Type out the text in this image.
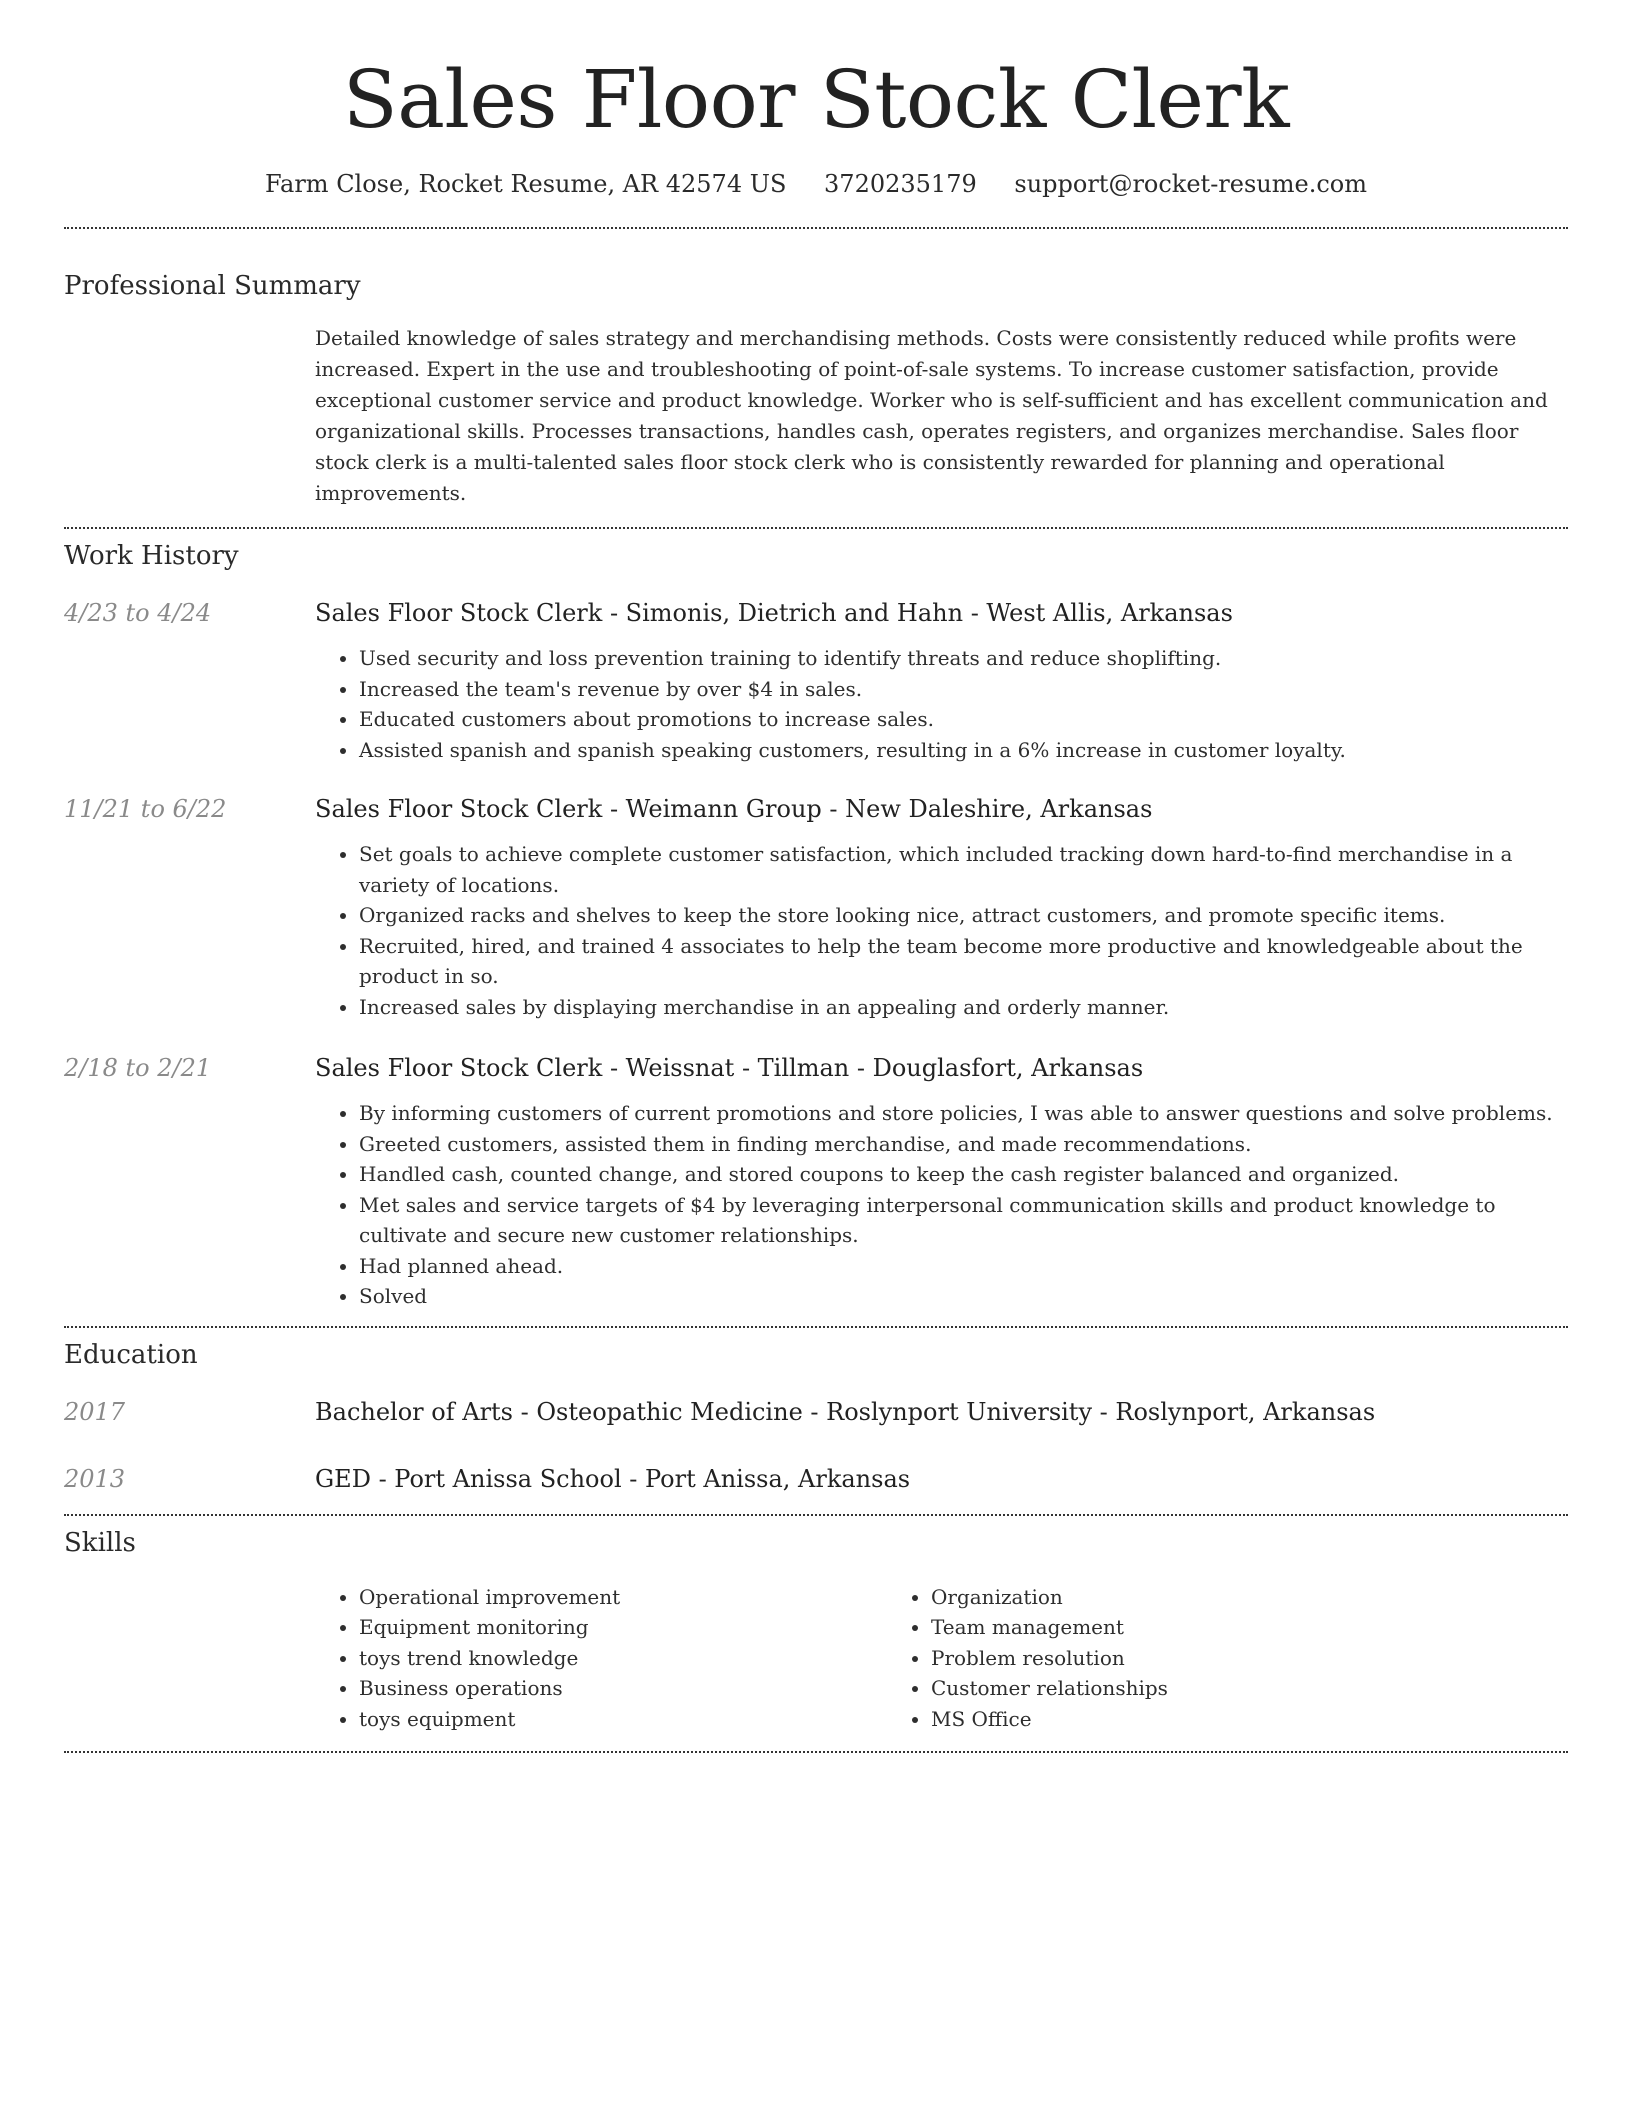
Sales Floor Stock Clerk
Farm Close, Rocket Resume, AR 42574 US 3720235179 support@rocket-resume.com
Professional Summary
Detailed knowledge of sales strategy and merchandising methods. Costs were consistently reduced while profits were increased. Expert in the use and troubleshooting of point-of-sale systems. To increase customer satisfaction, provide exceptional customer service and product knowledge. Worker who is self-sufficient and has excellent communication and organizational skills. Processes transactions, handles cash, operates registers, and organizes merchandise. Sales floor stock clerk is a multi-talented sales floor stock clerk who is consistently rewarded for planning and operational improvements.
Work History
4/23 to 4/24	Sales Floor Stock Clerk - Simonis, Dietrich and Hahn - West Allis, Arkansas
• Used security and loss prevention training to identify threats and reduce shoplifting.
• Increased the team's revenue by over $4 in sales.
• Educated customers about promotions to increase sales.
• Assisted spanish and spanish speaking customers, resulting in a 6% increase in customer loyalty.
11/21 to 6/22	Sales Floor Stock Clerk - Weimann Group - New Daleshire, Arkansas
• Set goals to achieve complete customer satisfaction, which included tracking down hard-to-find merchandise in a variety of locations.
• Organized racks and shelves to keep the store looking nice, attract customers, and promote specific items.
• Recruited, hired, and trained 4 associates to help the team become more productive and knowledgeable about the product in so.
• Increased sales by displaying merchandise in an appealing and orderly manner.
2/18 to 2/21	Sales Floor Stock Clerk - Weissnat - Tillman - Douglasfort, Arkansas
• By informing customers of current promotions and store policies, I was able to answer questions and solve problems.
• Greeted customers, assisted them in finding merchandise, and made recommendations.
• Handled cash, counted change, and stored coupons to keep the cash register balanced and organized.
• Met sales and service targets of $4 by leveraging interpersonal communication skills and product knowledge to cultivate and secure new customer relationships.
• Had planned ahead.
• Solved
Education
2017	Bachelor of Arts - Osteopathic Medicine - Roslynport University - Roslynport, Arkansas
2013	GED - Port Anissa School - Port Anissa, Arkansas
Skills
• Operational improvement
• Equipment monitoring
• toys trend knowledge
• Business operations
• toys equipment
• Organization
• Team management
• Problem resolution
• Customer relationships
• MS Office
